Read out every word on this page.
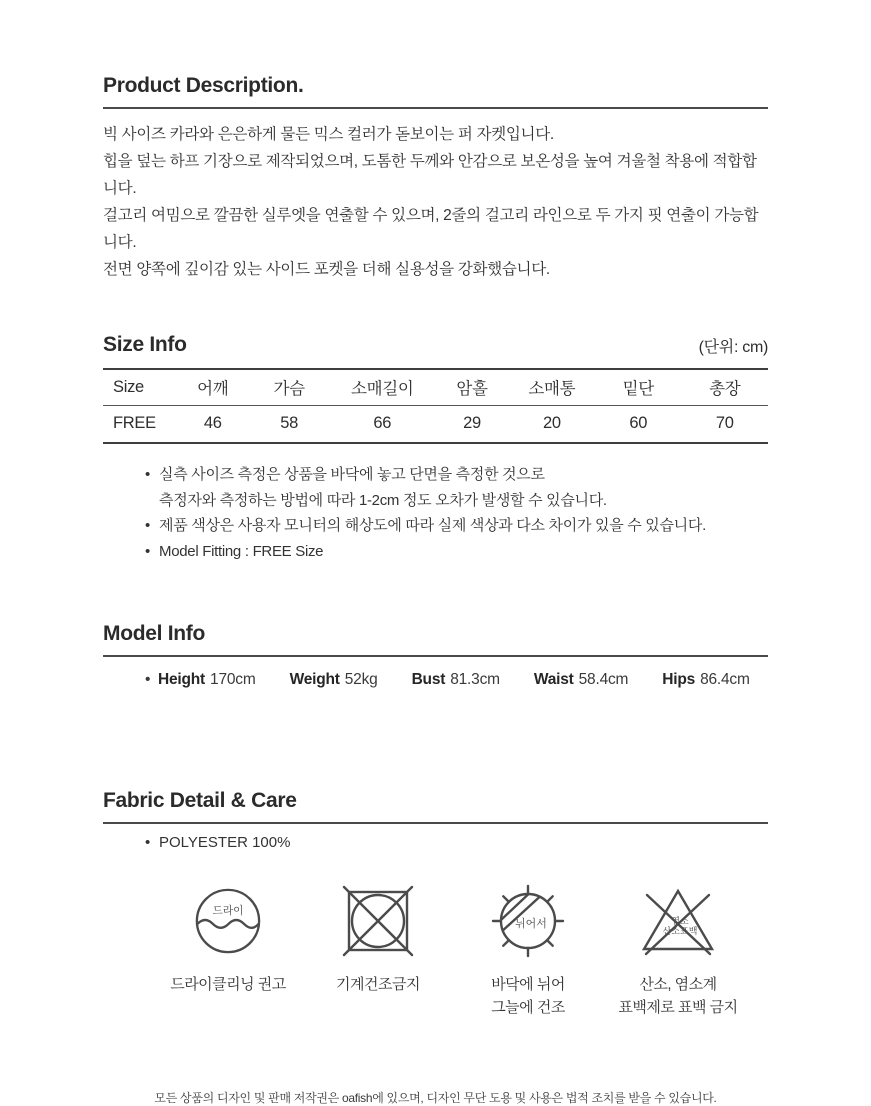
Product Description.

빅 사이즈 카라와 은은하게 물든 믹스 컬러가 돋보이는 퍼 자켓입니다.

힙을 덮는 하프 기장으로 제작되었으며, 도톰한 두께와 안감으로 보온성을 높여 겨울철 착용에 적합합니다.

걸고리 여밈으로 깔끔한 실루엣을 연출할 수 있으며, 2줄의 걸고리 라인으로 두 가지 핏 연출이 가능합니다.

전면 양쪽에 깊이감 있는 사이드 포켓을 더해 실용성을 강화했습니다.

Size Info	(단위: cm)
Size	어깨	가슴	소매길이	암홀	소매통	밑단	총장
FREE	46	58	66	29	20	60	70
• 실측 사이즈 측정은 상품을 바닥에 놓고 단면을 측정한 것으로
측정자와 측정하는 방법에 따라 1-2cm 정도 오차가 발생할 수 있습니다.
• 제품 색상은 사용자 모니터의 해상도에 따라 실제 색상과 다소 차이가 있을 수 있습니다.
• Model Fitting : FREE Size
Model Info
• Height 170cm Weight 52kg Bust 81.3cm Waist 58.4cm Hips 86.4cm
Fabric Detail & Care
• POLYESTER 100%
드라이
드라이클리닝 권고	기계건조금지
뉘어서
바닥에 뉘어
그늘에 건조
염소
산소표백
산소, 염소계
표백제로 표백 금지
모든 상품의 디자인 및 판매 저작권은 oafish에 있으며, 디자인 무단 도용 및 사용은 법적 조치를 받을 수 있습니다.
